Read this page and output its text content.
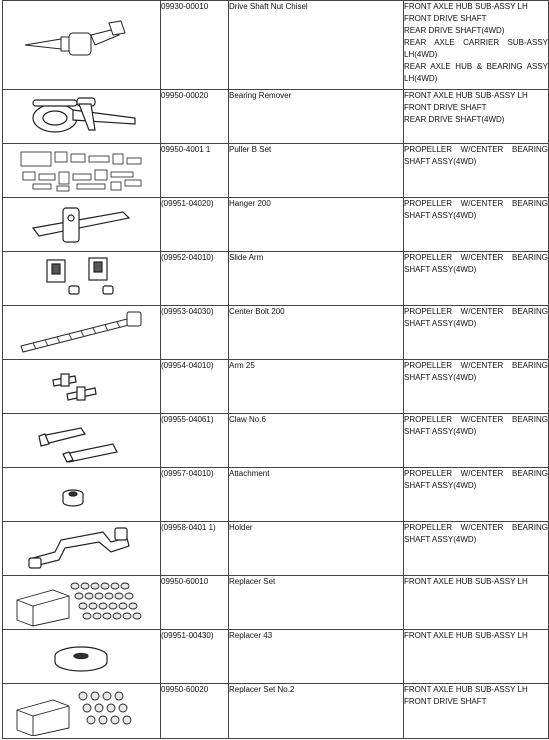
	09930-00010	Drive Shaft Nut Chisel	FRONT AXLE HUB SUB-ASSY LH
FRONT DRIVE SHAFT
REAR DRIVE SHAFT(4WD)
REAR AXLE CARRIER SUB-ASSY LH(4WD)
REAR AXLE HUB & BEARING ASSY LH(4WD)

	09950-00020	Bearing Remover	FRONT AXLE HUB SUB-ASSY LH
FRONT DRIVE SHAFT
REAR DRIVE SHAFT(4WD)

	09950-4001 1	Puller B Set	PROPELLER W/CENTER BEARING SHAFT ASSY(4WD)

	(09951-04020)	Hanger 200	PROPELLER W/CENTER BEARING SHAFT ASSY(4WD)

	(09952-04010)	Slide Arm	PROPELLER W/CENTER BEARING SHAFT ASSY(4WD)

	(09953-04030)	Center Bolt 200	PROPELLER W/CENTER BEARING SHAFT ASSY(4WD)

	(09954-04010)	Arm 25	PROPELLER W/CENTER BEARING SHAFT ASSY(4WD)

	(09955-04061)	Claw No.6	PROPELLER W/CENTER BEARING SHAFT ASSY(4WD)

	(09957-04010)	Attachment	PROPELLER W/CENTER BEARING SHAFT ASSY(4WD)

	(09958-0401 1)	Holder	PROPELLER W/CENTER BEARING SHAFT ASSY(4WD)

	09950-60010	Replacer Set	FRONT AXLE HUB SUB-ASSY LH

	(09951-00430)	Replacer 43	FRONT AXLE HUB SUB-ASSY LH

	09950-60020	Replacer Set No.2	FRONT AXLE HUB SUB-ASSY LH
FRONT DRIVE SHAFT
